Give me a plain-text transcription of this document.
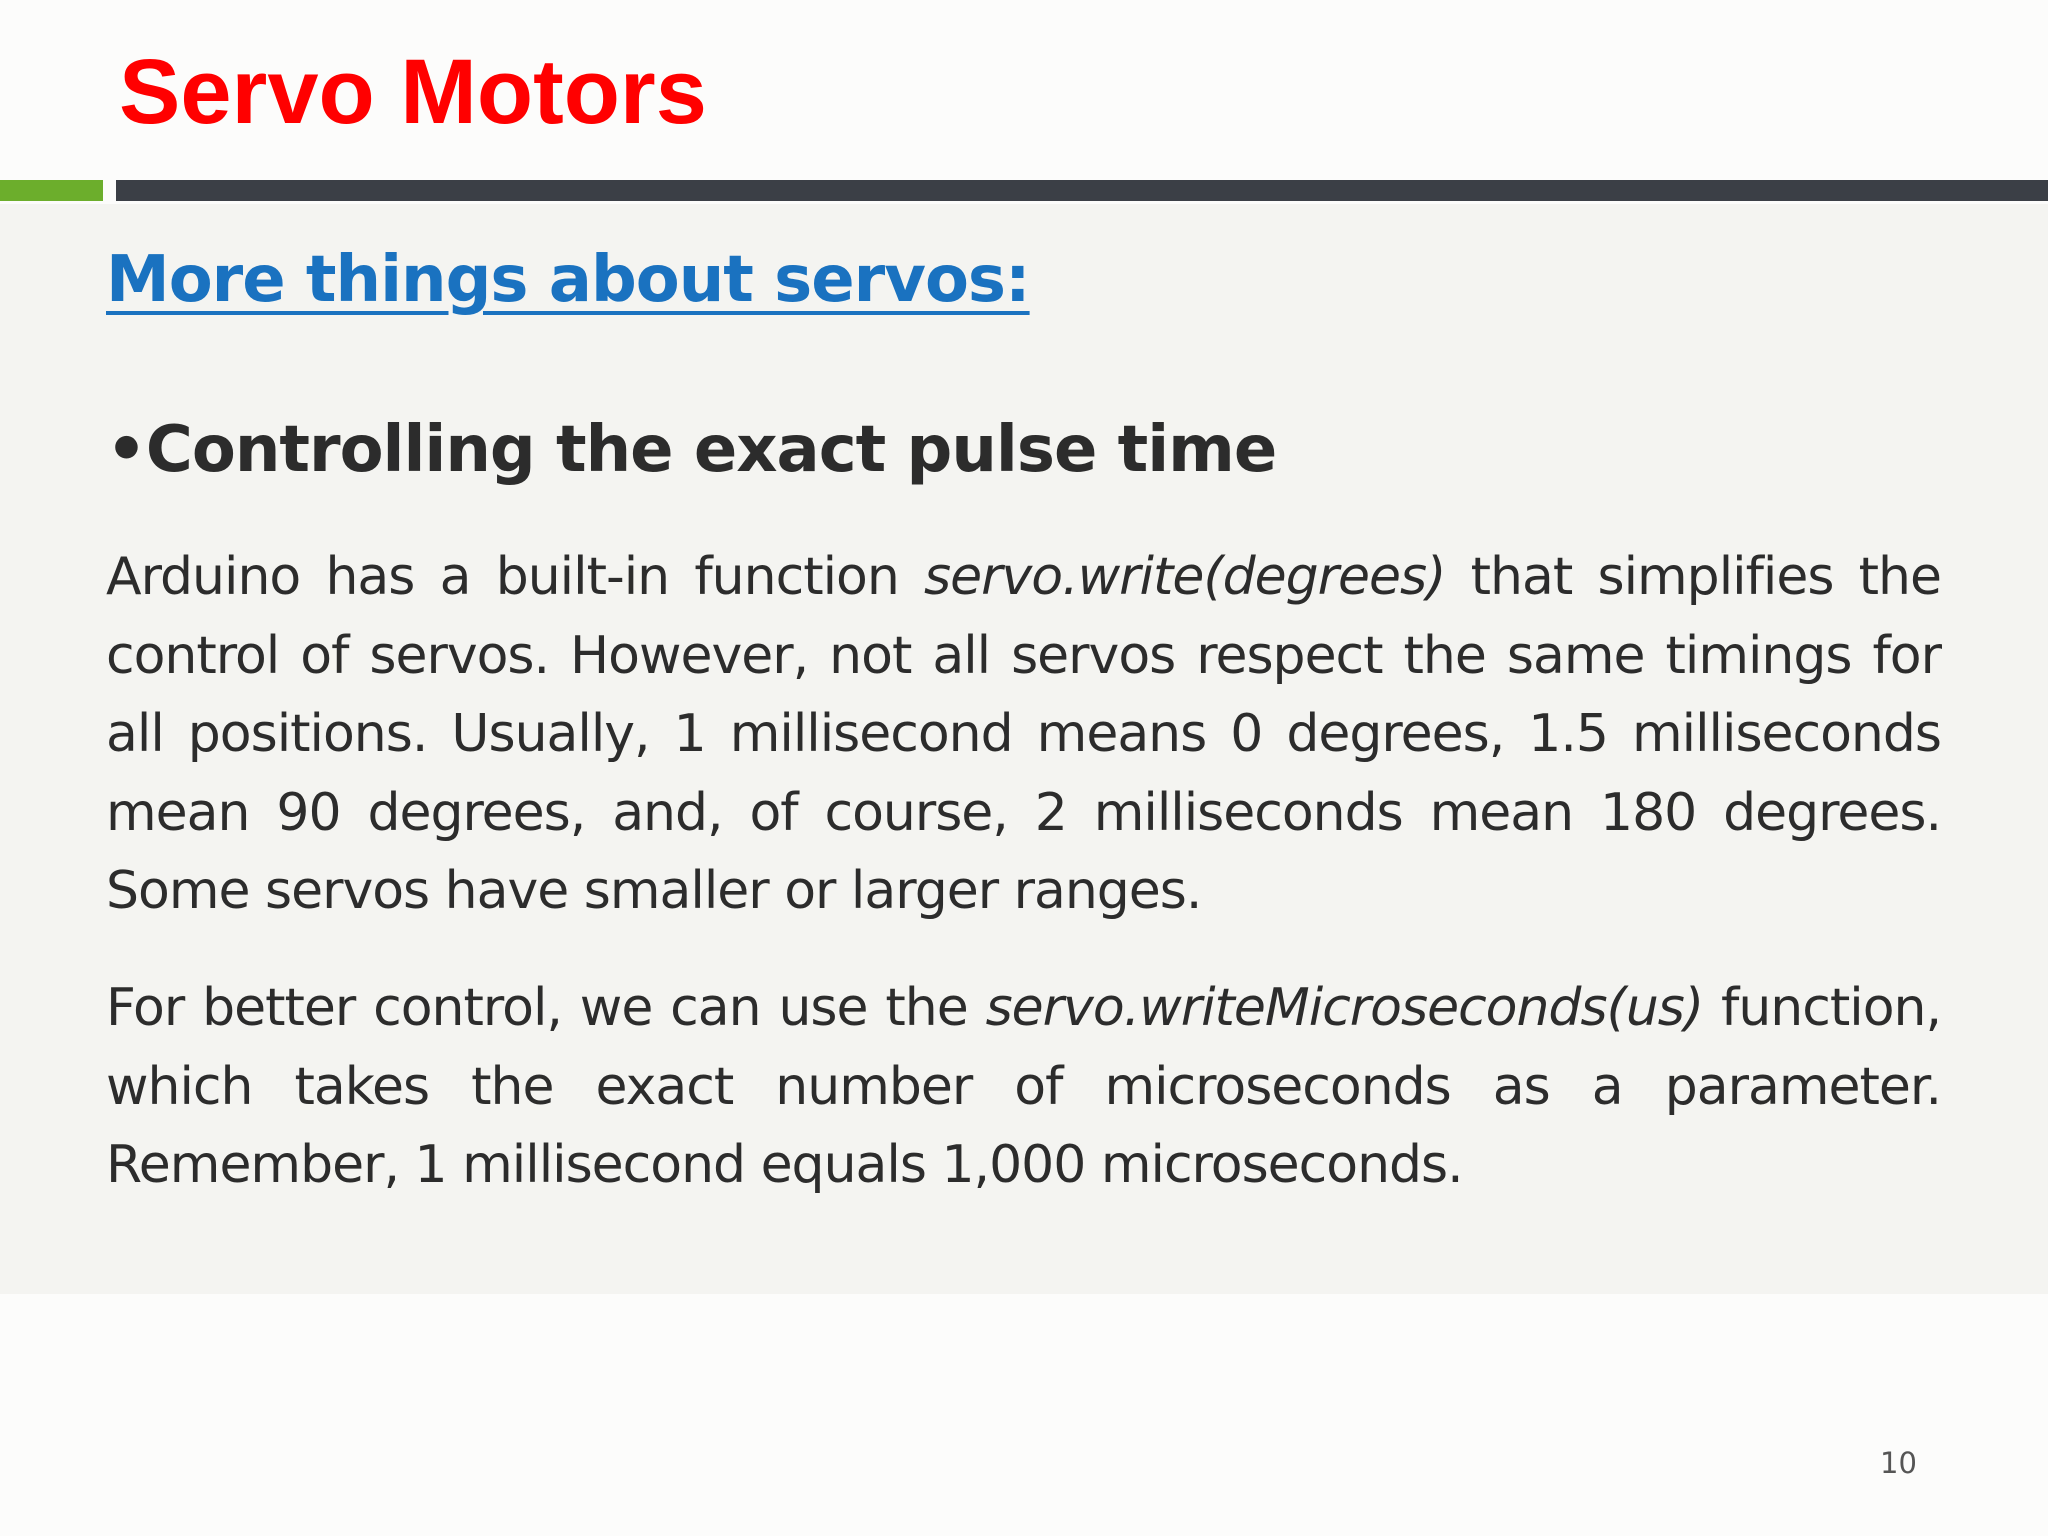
Servo Motors
More things about servos:
•Controlling the exact pulse time

Arduino has a built-in function servo.write(degrees) that simplifies the control of servos. However, not all servos respect the same timings for all positions. Usually, 1 millisecond means 0 degrees, 1.5 milliseconds mean 90 degrees, and, of course, 2 milliseconds mean 180 degrees. Some servos have smaller or larger ranges.

For better control, we can use the servo.writeMicroseconds(us) function, which takes the exact number of microseconds as a parameter. Remember, 1 millisecond equals 1,000 microseconds.

10
